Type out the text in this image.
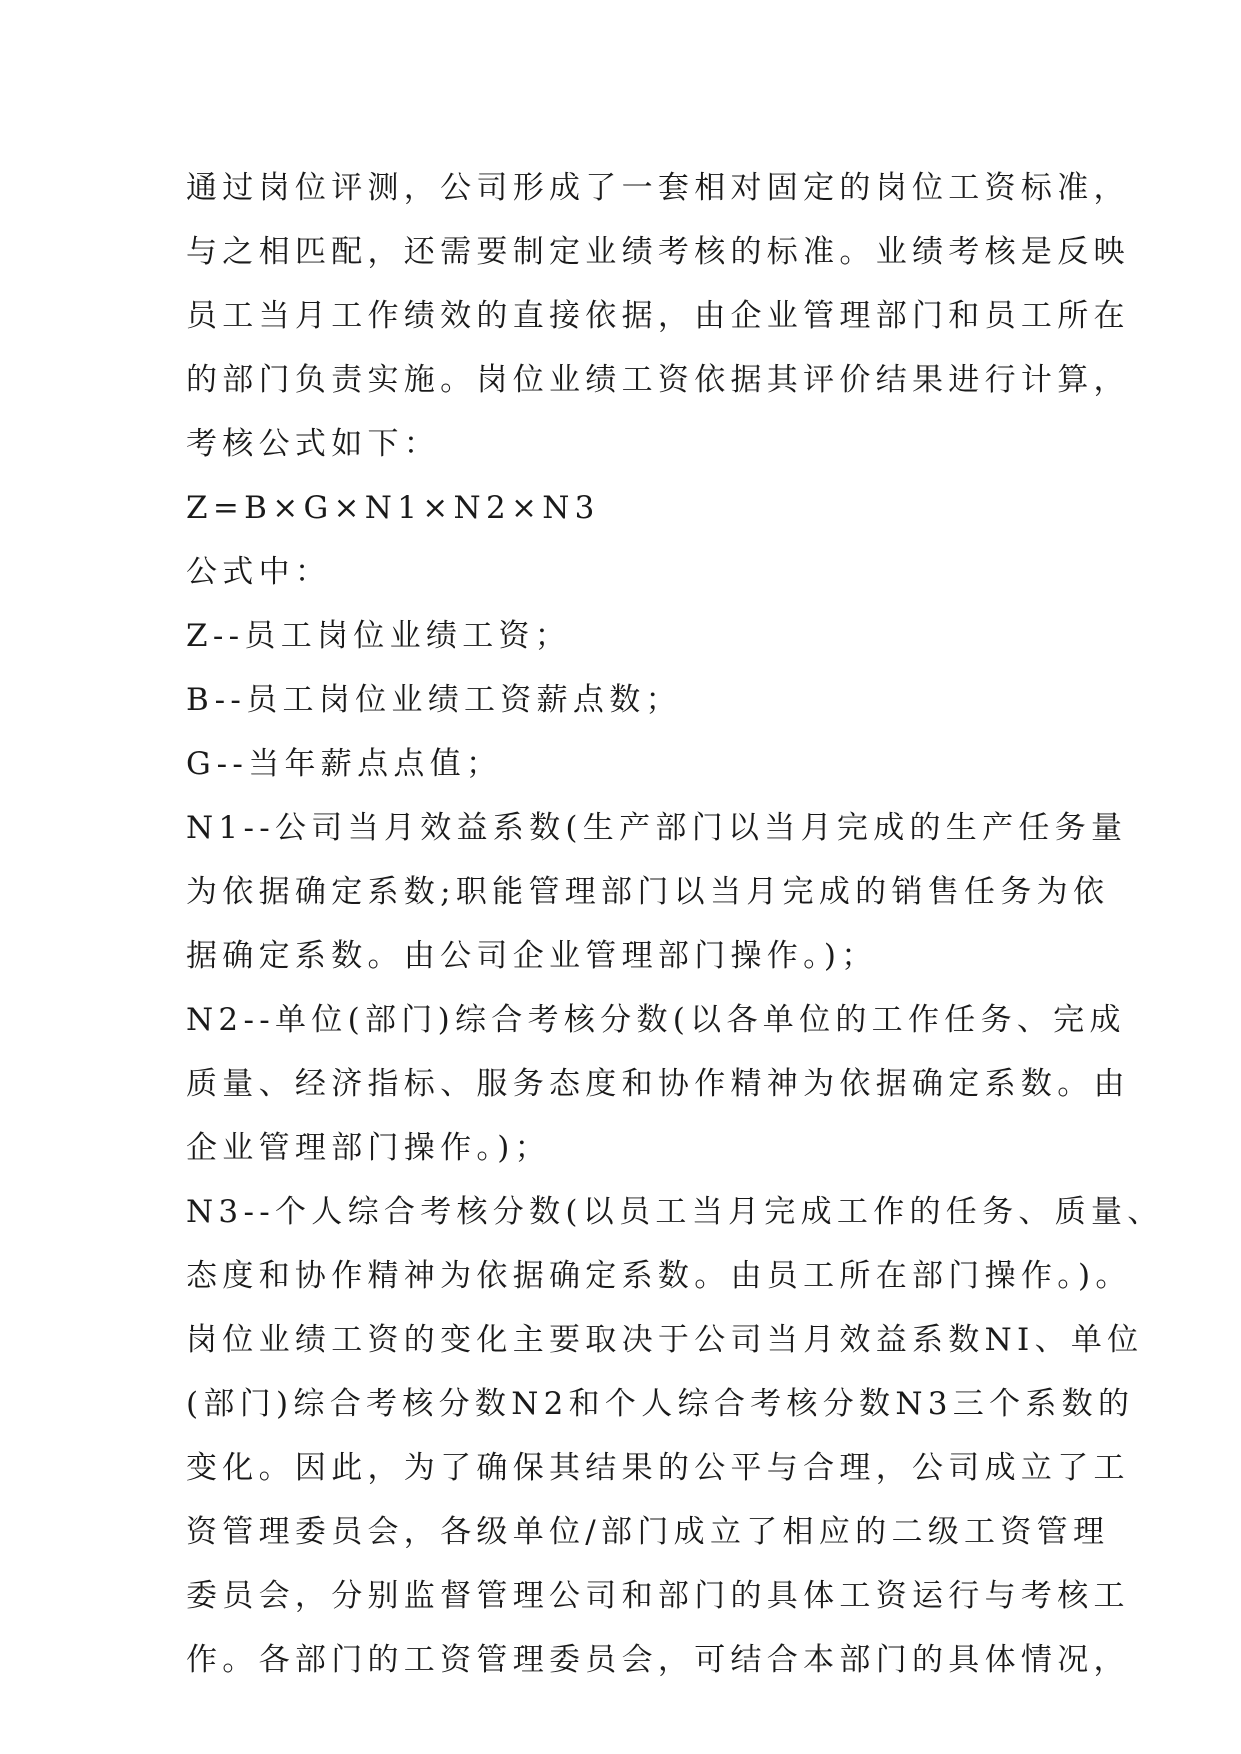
通过岗位评测，公司形成了一套相对固定的岗位工资标准，
与之相匹配，还需要制定业绩考核的标准。业绩考核是反映
员工当月工作绩效的直接依据，由企业管理部门和员工所在
的部门负责实施。岗位业绩工资依据其评价结果进行计算，
考核公式如下：
Z=B×G×N1×N2×N3
公式中：
Z--员工岗位业绩工资；
B--员工岗位业绩工资薪点数；
G--当年薪点点值；
N1--公司当月效益系数(生产部门以当月完成的生产任务量
为依据确定系数;职能管理部门以当月完成的销售任务为依
据确定系数。由公司企业管理部门操作。)；
N2--单位(部门)综合考核分数(以各单位的工作任务、完成
质量、经济指标、服务态度和协作精神为依据确定系数。由
企业管理部门操作。)；
N3--个人综合考核分数(以员工当月完成工作的任务、质量、
态度和协作精神为依据确定系数。由员工所在部门操作。)。
岗位业绩工资的变化主要取决于公司当月效益系数NI、单位
(部门)综合考核分数N2和个人综合考核分数N3三个系数的
变化。因此，为了确保其结果的公平与合理，公司成立了工
资管理委员会，各级单位/部门成立了相应的二级工资管理
委员会，分别监督管理公司和部门的具体工资运行与考核工
作。各部门的工资管理委员会，可结合本部门的具体情况，
